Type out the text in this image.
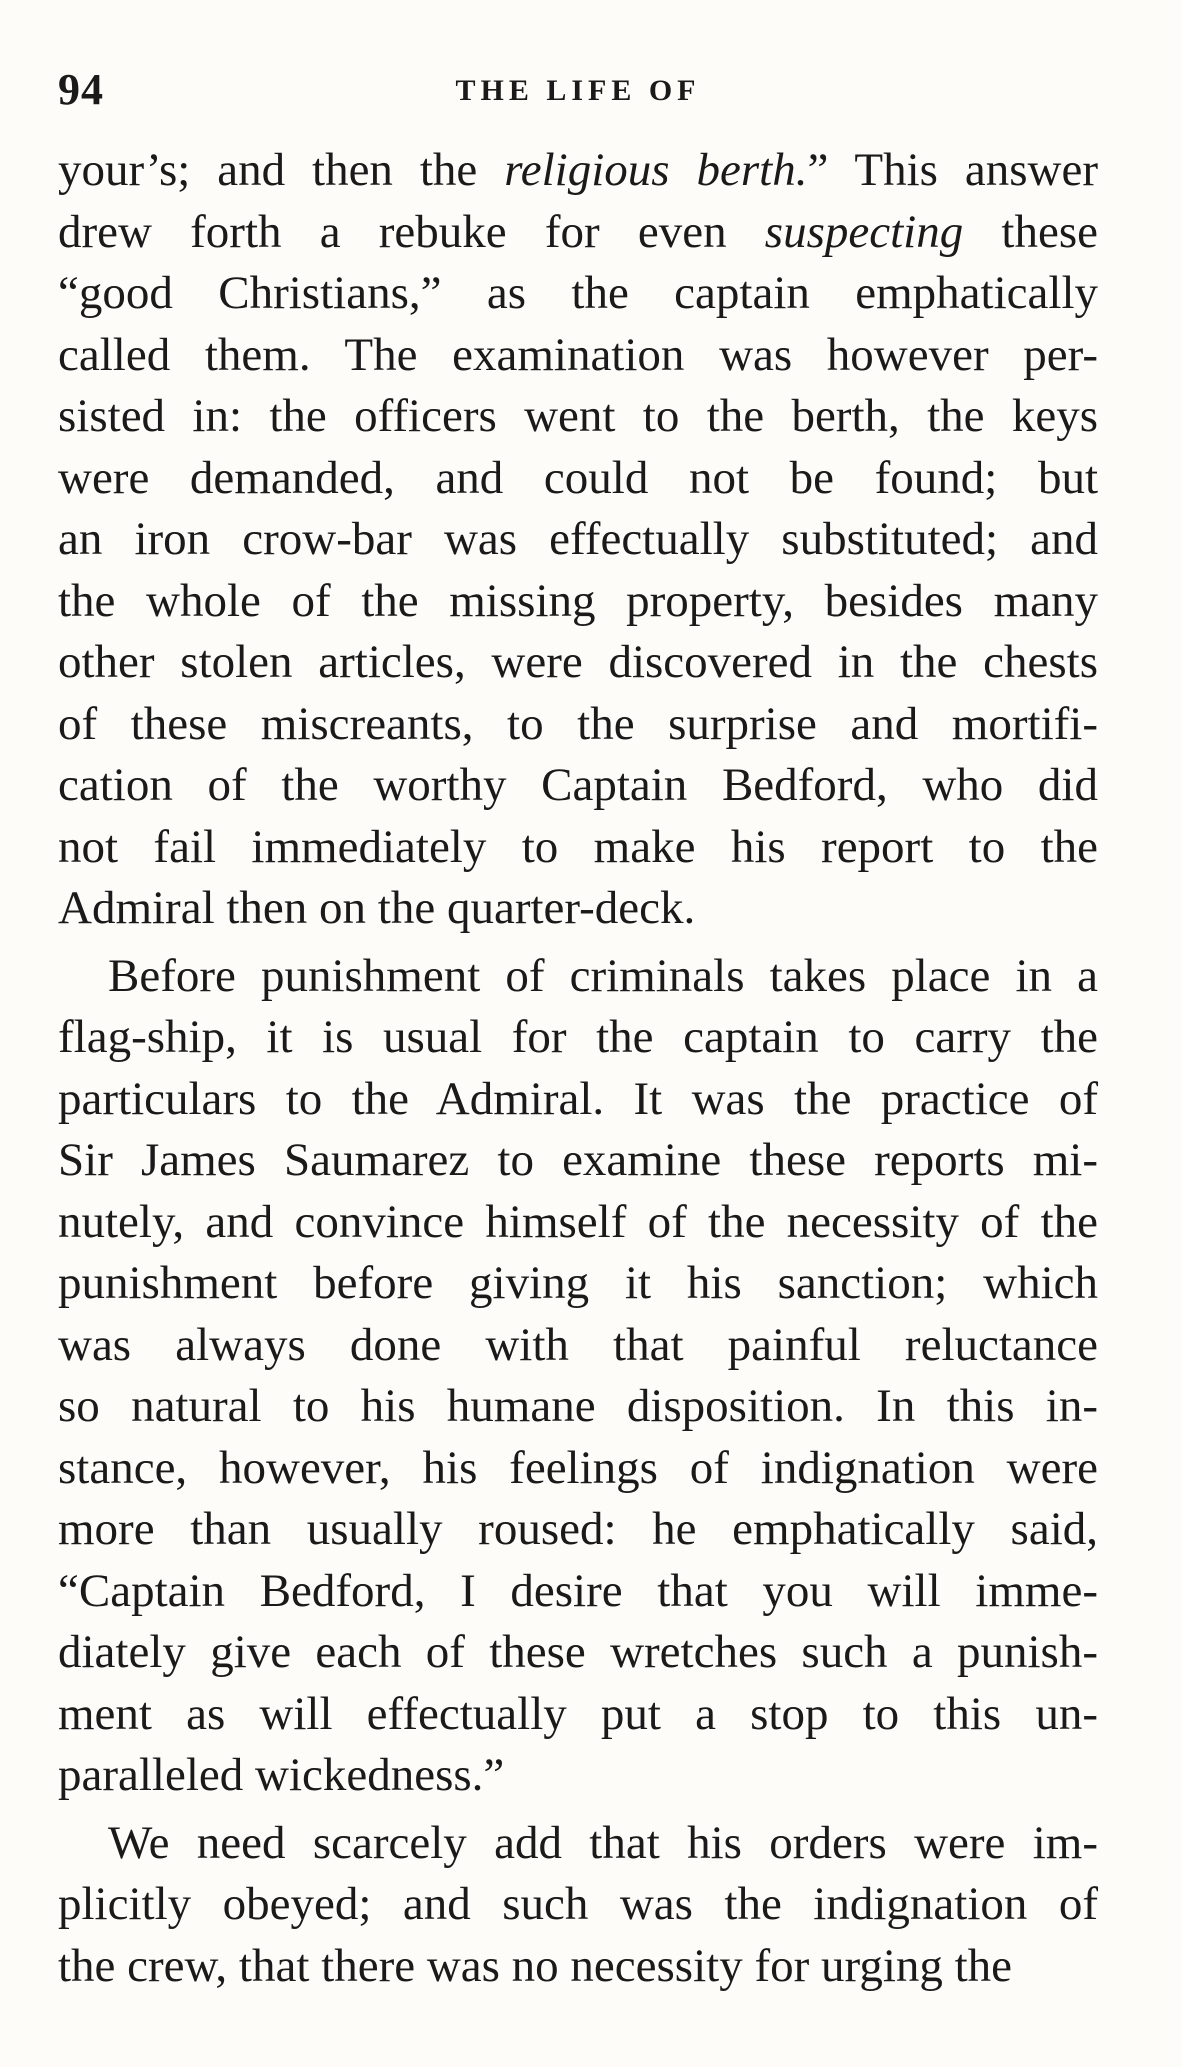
94	THE LIFE OF
your’s; and then the religious berth.” This answer
drew forth a rebuke for even suspecting these
“good Christians,” as the captain emphatically
called them. The examination was however per-
sisted in: the officers went to the berth, the keys
were demanded, and could not be found; but
an iron crow-bar was effectually substituted; and
the whole of the missing property, besides many
other stolen articles, were discovered in the chests
of these miscreants, to the surprise and mortifi-
cation of the worthy Captain Bedford, who did
not fail immediately to make his report to the
Admiral then on the quarter-deck.
Before punishment of criminals takes place in a
flag-ship, it is usual for the captain to carry the
particulars to the Admiral. It was the practice of
Sir James Saumarez to examine these reports mi-
nutely, and convince himself of the necessity of the
punishment before giving it his sanction; which
was always done with that painful reluctance
so natural to his humane disposition. In this in-
stance, however, his feelings of indignation were
more than usually roused: he emphatically said,
“Captain Bedford, I desire that you will imme-
diately give each of these wretches such a punish-
ment as will effectually put a stop to this un-
paralleled wickedness.”
We need scarcely add that his orders were im-
plicitly obeyed; and such was the indignation of
the crew, that there was no necessity for urging the
